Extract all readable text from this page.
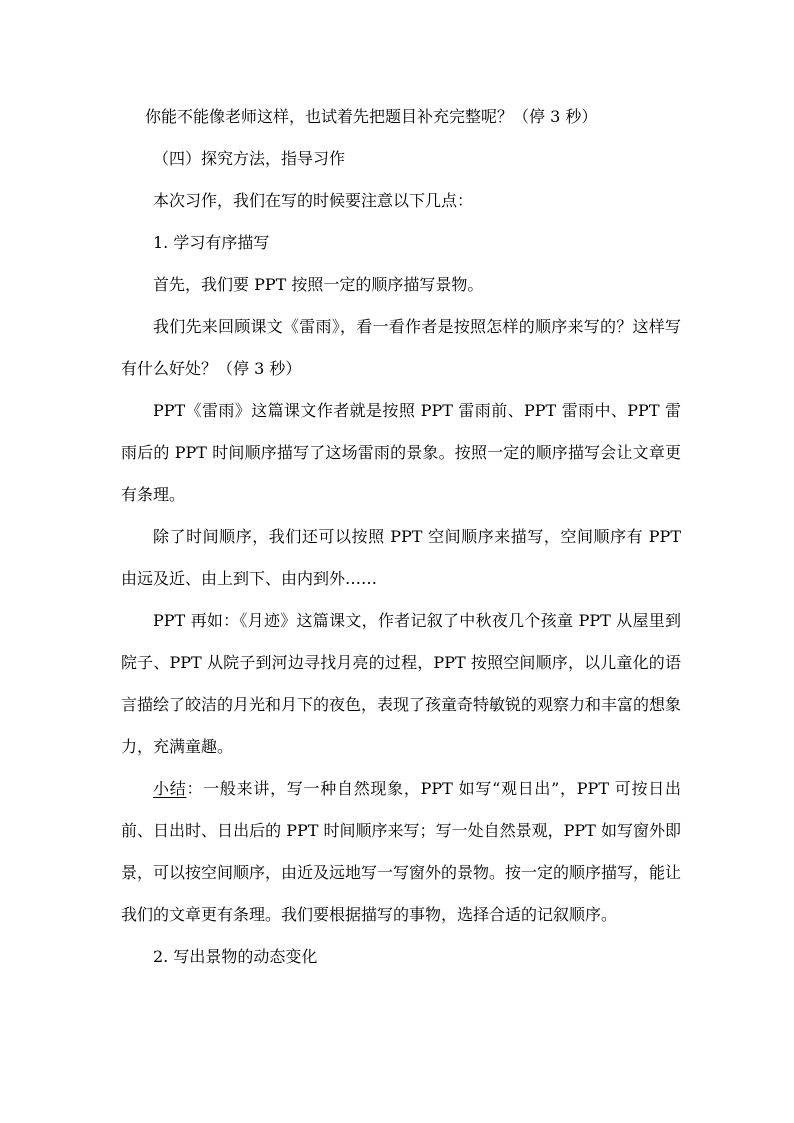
你能不能像老师这样，也试着先把题目补充完整呢？（停 3 秒）

（四）探究方法，指导习作

本次习作，我们在写的时候要注意以下几点：

1. 学习有序描写

首先，我们要 PPT 按照一定的顺序描写景物。

我们先来回顾课文《雷雨》，看一看作者是按照怎样的顺序来写的？这样写有什么好处？（停 3 秒）

PPT《雷雨》这篇课文作者就是按照 PPT 雷雨前、PPT 雷雨中、PPT 雷雨后的 PPT 时间顺序描写了这场雷雨的景象。按照一定的顺序描写会让文章更有条理。

除了时间顺序，我们还可以按照 PPT 空间顺序来描写，空间顺序有 PPT 由远及近、由上到下、由内到外……

PPT 再如：《月迹》这篇课文，作者记叙了中秋夜几个孩童 PPT 从屋里到院子、PPT 从院子到河边寻找月亮的过程，PPT 按照空间顺序，以儿童化的语言描绘了皎洁的月光和月下的夜色，表现了孩童奇特敏锐的观察力和丰富的想象力，充满童趣。

小结：一般来讲，写一种自然现象，PPT 如写“观日出”，PPT 可按日出前、日出时、日出后的 PPT 时间顺序来写；写一处自然景观，PPT 如写窗外即景，可以按空间顺序，由近及远地写一写窗外的景物。按一定的顺序描写，能让我们的文章更有条理。我们要根据描写的事物，选择合适的记叙顺序。

2. 写出景物的动态变化
